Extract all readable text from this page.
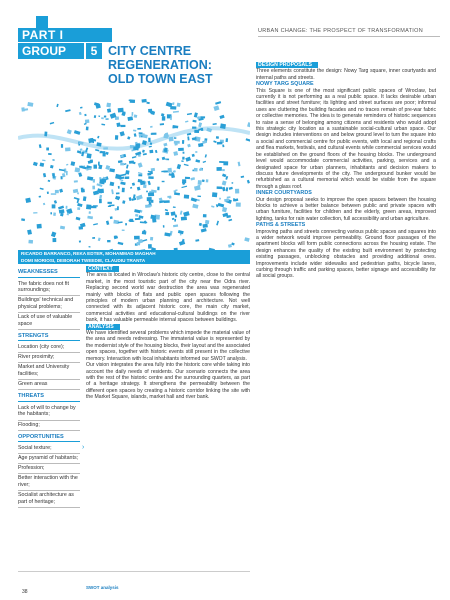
PART I
GROUP	5 CITY CENTRE
REGENERATION:
OLD TOWN EAST
URBAN CHANGE: THE PROSPECT OF TRANSFORMATION
RICARDO BARRANCO, REKA EDTER, MOHAMMAD MAGHAH
DOMI MORIOSI, DEBORAH TWEEDIE, CLAUDIU TRANTA
WEAKNESSES
The fabric does not fit surroundings;
Buildings' technical and physical problems;
Lack of use of valuable space
STRENGTS
Location (city core);
River proximity;
Market and University facilities;
Green areas
THREATS
Lack of will to change by the habitants;
Flooding;
OPPORTUNITIES
Social texture;
Age pyramid of habitants;
Profession;
Better interaction with the river;
Socialist architecture as part of heritage;
CONTEXT

The area is located in Wroclaw's historic city centre, close to the central market, in the most touristic part of the city near the Odra river. Replacing second world war destruction the area was regenerated mainly with blocks of flats and public open spaces following the principles of modern urban planning and architecture. Not well connected with its adjacent historic core, the main city market, commercial activities and educational-cultural buildings on the river bank, it has valuable permeable internal spaces between buildings.

ANALYSIS

We have identified several problems which impede the material value of the area and needs redressing. The immaterial value is represented by the modernist style of the housing blocks, their layout and the associated open spaces, together with historic events still present in the collective memory. Interaction with local inhabitants informed our SWOT analysis.

Our vision integrates the area fully into the historic core while taking into account the daily needs of residents. Our scenario connects the area with the rest of the historic centre and the surrounding quarters, as part of a heritage strategy. It strengthens the permeability between the different open spaces by creating a historic corridor linking the site with the Market Square, islands, market hall and river bank.

›
DESIGN PROPOSALS

Three elements constitute the design: Nowy Targ square, inner courtyards and internal paths and streets.

NOWY TARG SQUARE

This Square is one of the most significant public spaces of Wroclaw, but currently it is not performing as a real public space. It lacks desirable urban facilities and street furniture; its lighting and street surfaces are poor; informal uses are cluttering the building facades and no traces remain of pre-war fabric or collective memories. The idea is to generate reminders of historic sequences to raise a sense of belonging among citizens and residents who would adopt this strategic city location as a sustainable social-cultural urban space. Our design includes interventions on and below ground level to turn the square into a social and commercial centre for public events, with local and regional crafts and flea markets, festivals, and cultural events while commercial services would be established on the ground floors of the housing blocks. The underground level would accommodate commercial activities, parking, services and a designated space for urban planners, inhabitants and decision makers to discuss future developments of the city. The underground bunker would be refurbished as a cultural memorial which would be visible from the square through a glass roof.

INNER COURTYARDS

Our design proposal seeks to improve the open spaces between the housing blocks to achieve a better balance between public and private spaces with urban furniture, facilities for children and the elderly, green areas, improved lighting, tanks for rain water collection, full accessibility and urban agriculture.

PATHS & STREETS

Improving paths and streets connecting various public spaces and squares into a wider network would improve permeability. Ground floor passages of the apartment blocks will form public connections across the housing estate. The design enhances the quality of the existing built environment by protecting existing passages, unblocking obstacles and providing additional ones. Improvements include wider sidewalks and pedestrian paths, bicycle lanes, curbing through traffic and parking spaces, better signage and accessibility for all social groups.

SWOT analysis
38
